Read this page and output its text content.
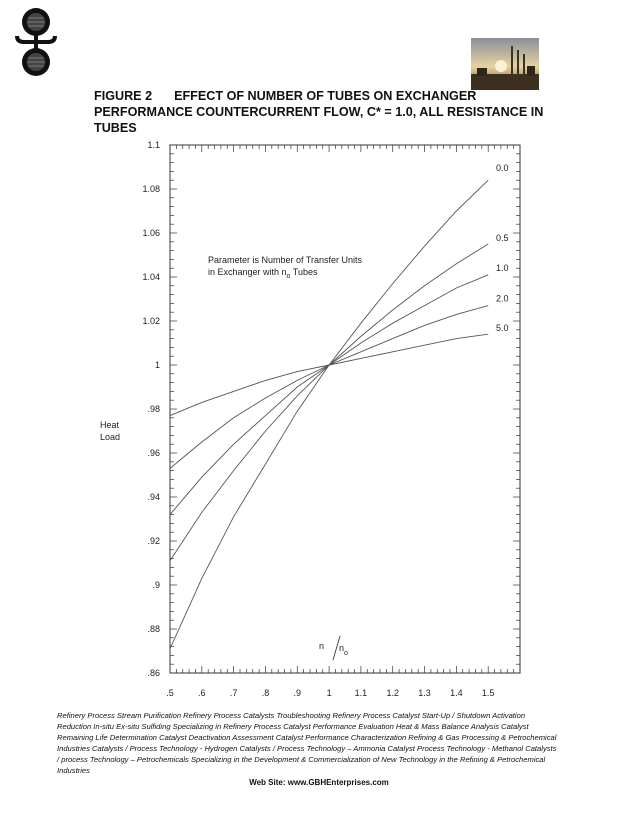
FIGURE 2 EFFECT OF NUMBER OF TUBES ON EXCHANGER PERFORMANCE COUNTERCURRENT FLOW, C* = 1.0, ALL RESISTANCE IN TUBES
.86
.88
.9
.92
.94
.96
.98
1
1.02
1.04
1.06
1.08
1.1
.5	.6	.7	.8	.9	1	1.1 1.2 1.3 1.4 1.5
0.0
0.5
1.0
2.0
5.0
Heat
Load
Parameter is Number of Transfer Units
in Exchanger with $n_o$ Tubes
n $n_o$

Refinery Process Stream Purification Refinery Process Catalysts Troubleshooting Refinery Process Catalyst Start-Up / Shutdown Activation Reduction In-situ Ex-situ Sulfiding Specializing in Refinery Process Catalyst Performance Evaluation Heat & Mass Balance Analysis Catalyst Remaining Life Determination Catalyst Deactivation Assessment Catalyst Performance Characterization Refining & Gas Processing & Petrochemical Industries Catalysts / Process Technology - Hydrogen Catalysts / Process Technology – Ammonia Catalyst Process Technology - Methanol Catalysts / process Technology – Petrochemicals Specializing in the Development & Commercialization of New Technology in the Refining & Petrochemical Industries

Web Site: www.GBHEnterprises.com
